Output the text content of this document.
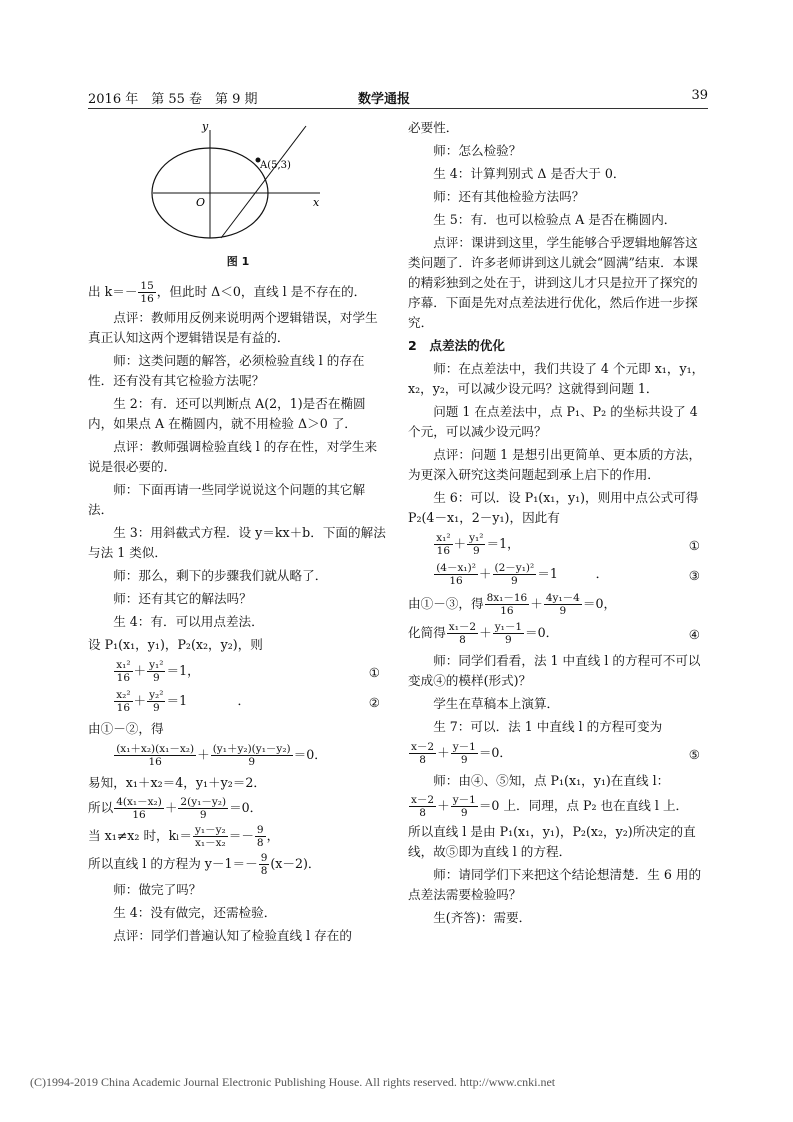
2016 年　第 55 卷　第 9 期	数学通报	39
y
x
O
A(5,3)
图 1

出 $k=- \frac{15}{16}$ ，但此时 Δ＜0，直线 l 是不存在的．

点评：教师用反例来说明两个逻辑错误，对学生真正认知这两个逻辑错误是有益的．

师：这类问题的解答，必须检验直线 l 的存在性．还有没有其它检验方法呢？

生 2：有．还可以判断点 A(2，1)是否在椭圆内，如果点 A 在椭圆内，就不用检验 Δ＞0 了．

点评：教师强调检验直线 l 的存在性，对学生来说是很必要的．

师：下面再请一些同学说说这个问题的其它解法．

生 3：用斜截式方程．设 y＝kx＋b．下面的解法与法 1 类似．

师：那么，剩下的步骤我们就从略了．

师：还有其它的解法吗？

生 4：有．可以用点差法．

设 P₁(x₁，y₁)，P₂(x₂，y₂)，则

$\frac{\text{x₁²}}{16} + \frac{\text{y₁²}}{9} =1$，	①
$\frac{\text{x₂²}}{16} + \frac{\text{y₂²}}{9} =1$　　　　．	②

由①－②，得

$\frac{\text{(x₁＋x₂)(x₁－x₂)}}{16} + \frac{\text{(y₁＋y₂)(y₁－y₂)}}{9} =0$．

易知，x₁＋x₂＝4，y₁＋y₂＝2．

所以 $\frac{\text{4(x₁－x₂)}}{16} + \frac{\text{2(y₁－y₂)}}{9} =0$．

当 x₁≠x₂ 时，$k_l= \frac{\text{y₁－y₂}}{\text{x₁－x₂}} =- \frac{9}{8}$ ，

所以直线 l 的方程为 $y-1=- \frac{9}{8} (x-2)$．

师：做完了吗？

生 4：没有做完，还需检验．

点评：同学们普遍认知了检验直线 l 存在的

必要性．

师：怎么检验？

生 4：计算判别式 Δ 是否大于 0．

师：还有其他检验方法吗？

生 5：有．也可以检验点 A 是否在椭圆内．

点评：课讲到这里，学生能够合乎逻辑地解答这类问题了．许多老师讲到这儿就会“圆满”结束．本课的精彩独到之处在于，讲到这儿才只是拉开了探究的序幕．下面是先对点差法进行优化，然后作进一步探究．

2　点差法的优化

师：在点差法中，我们共设了 4 个元即 x₁，y₁，x₂，y₂，可以减少设元吗？这就得到问题 1．

问题 1 在点差法中，点 P₁、P₂ 的坐标共设了 4 个元，可以减少设元吗？

点评：问题 1 是想引出更简单、更本质的方法，为更深入研究这类问题起到承上启下的作用．

生 6：可以．设 P₁(x₁，y₁)，则用中点公式可得 P₂(4－x₁，2－y₁)，因此有

$\frac{\text{x₁²}}{16} + \frac{\text{y₁²}}{9} =1$，	①
$\frac{\text{(4－x₁)²}}{16} + \frac{\text{(2－y₁)²}}{9} =1$　　　．	③

由①－③，得 $\frac{\text{8x₁－16}}{16} + \frac{\text{4y₁－4}}{9} =0$，

化简得 $\frac{\text{x₁－2}}{8} + \frac{\text{y₁－1}}{9} =0$．	④

师：同学们看看，法 1 中直线 l 的方程可不可以变成④的模样(形式)？

学生在草稿本上演算．

生 7：可以．法 1 中直线 l 的方程可变为

$\frac{x-2}{8} + \frac{y-1}{9} =0$．	⑤

师：由④、⑤知，点 P₁(x₁，y₁)在直线 l：

$\frac{x-2}{8} + \frac{y-1}{9} =0$ 上．同理，点 P₂ 也在直线 l 上．

所以直线 l 是由 P₁(x₁，y₁)，P₂(x₂，y₂)所决定的直线，故⑤即为直线 l 的方程．

师：请同学们下来把这个结论想清楚．生 6 用的点差法需要检验吗？

生(齐答)：需要．

(C)1994-2019 China Academic Journal Electronic Publishing House. All rights reserved. http://www.cnki.net
